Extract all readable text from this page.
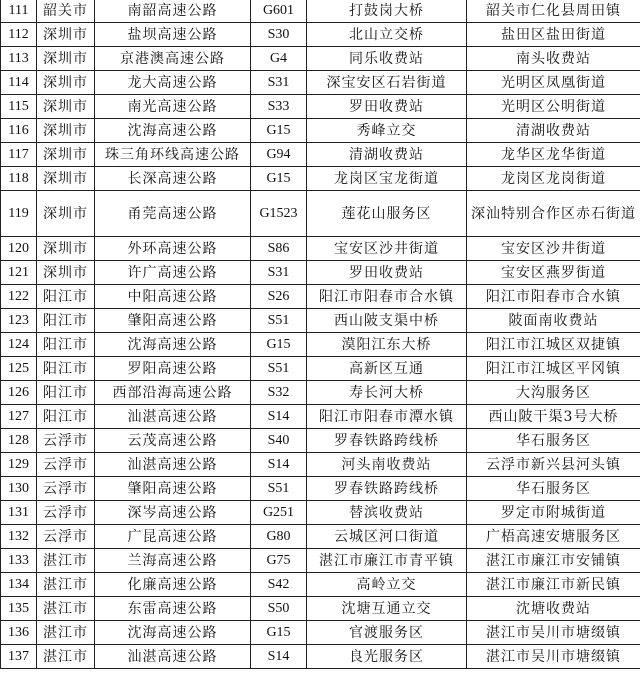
111	韶关市	南韶高速公路	G601	打鼓岗大桥	韶关市仁化县周田镇
112	深圳市	盐坝高速公路	S30	北山立交桥	盐田区盐田街道
113	深圳市	京港澳高速公路	G4	同乐收费站	南头收费站
114	深圳市	龙大高速公路	S31	深宝安区石岩街道	光明区凤凰街道
115	深圳市	南光高速公路	S33	罗田收费站	光明区公明街道
116	深圳市	沈海高速公路	G15	秀峰立交	清湖收费站
117	深圳市	珠三角环线高速公路	G94	清湖收费站	龙华区龙华街道
118	深圳市	长深高速公路	G15	龙岗区宝龙街道	龙岗区龙岗街道
119	深圳市	甬莞高速公路	G1523	莲花山服务区	深汕特别合作区赤石街道
120	深圳市	外环高速公路	S86	宝安区沙井街道	宝安区沙井街道
121	深圳市	许广高速公路	S31	罗田收费站	宝安区燕罗街道
122	阳江市	中阳高速公路	S26	阳江市阳春市合水镇	阳江市阳春市合水镇
123	阳江市	肇阳高速公路	S51	西山陂支渠中桥	陂面南收费站
124	阳江市	沈海高速公路	G15	漠阳江东大桥	阳江市江城区双捷镇
125	阳江市	罗阳高速公路	S51	高新区互通	阳江市江城区平冈镇
126	阳江市	西部沿海高速公路	S32	寿长河大桥	大沟服务区
127	阳江市	汕湛高速公路	S14	阳江市阳春市潭水镇	西山陂干渠3号大桥
128	云浮市	云茂高速公路	S40	罗春铁路跨线桥	华石服务区
129	云浮市	汕湛高速公路	S14	河头南收费站	云浮市新兴县河头镇
130	云浮市	肇阳高速公路	S51	罗春铁路跨线桥	华石服务区
131	云浮市	深岑高速公路	G251	替滨收费站	罗定市附城街道
132	云浮市	广昆高速公路	G80	云城区河口街道	广梧高速安塘服务区
133	湛江市	兰海高速公路	G75	湛江市廉江市青平镇	湛江市廉江市安铺镇
134	湛江市	化廉高速公路	S42	高岭立交	湛江市廉江市新民镇
135	湛江市	东雷高速公路	S50	沈塘互通立交	沈塘收费站
136	湛江市	沈海高速公路	G15	官渡服务区	湛江市吴川市塘缀镇
137	湛江市	汕湛高速公路	S14	良光服务区	湛江市吴川市塘缀镇
